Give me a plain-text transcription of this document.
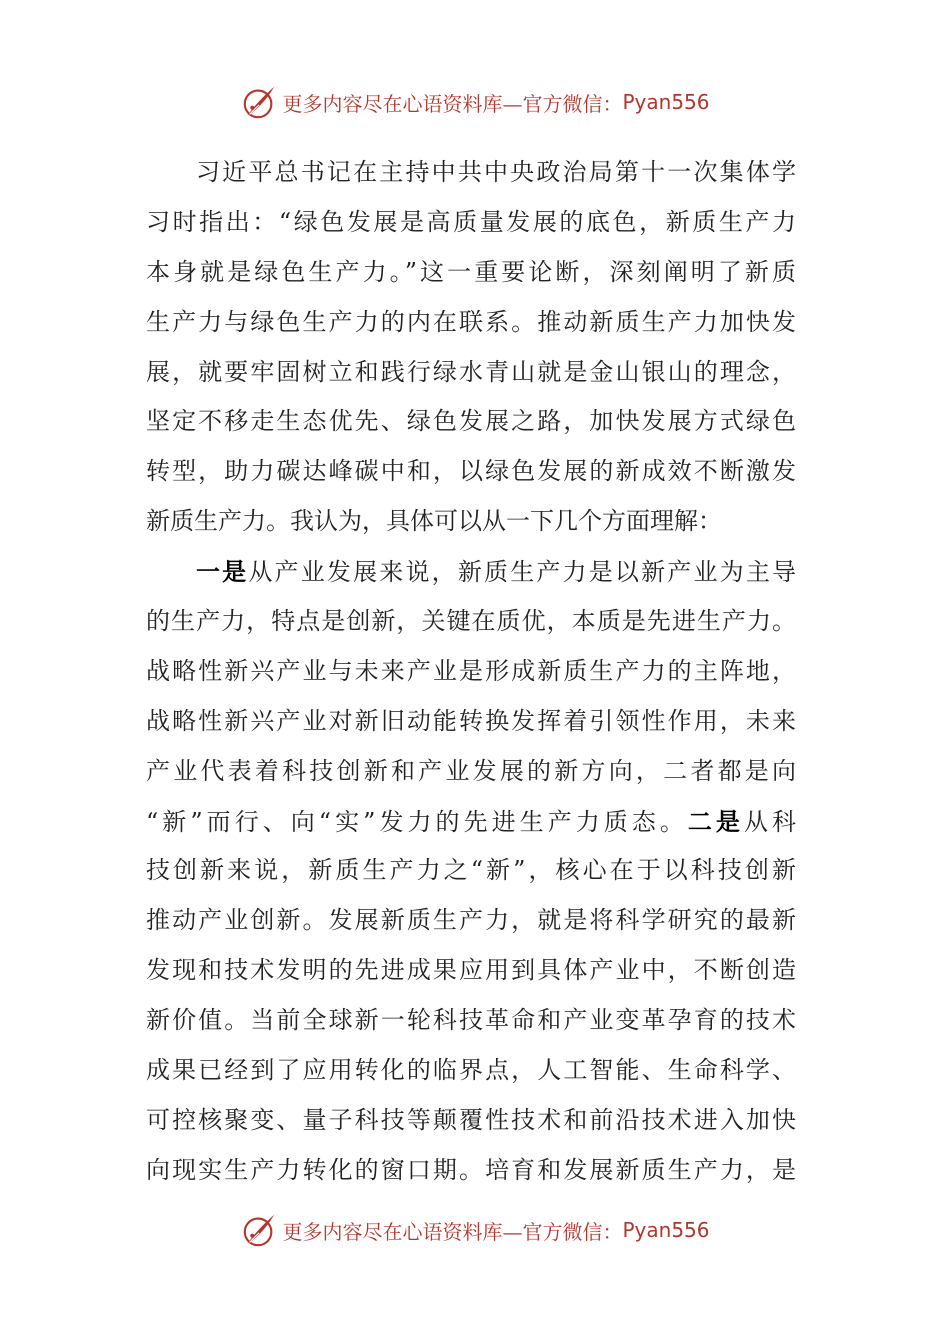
更多内容尽在心语资料库—官方微信： Pyan556
习近平总书记在主持中共中央政治局第十一次集体学
习时指出：“绿色发展是高质量发展的底色，新质生产力
本身就是绿色生产力。”这一重要论断，深刻阐明了新质
生产力与绿色生产力的内在联系。推动新质生产力加快发
展，就要牢固树立和践行绿水青山就是金山银山的理念，
坚定不移走生态优先、绿色发展之路，加快发展方式绿色
转型，助力碳达峰碳中和，以绿色发展的新成效不断激发
新质生产力。我认为，具体可以从一下几个方面理解：
一是从产业发展来说，新质生产力是以新产业为主导
的生产力，特点是创新，关键在质优，本质是先进生产力。
战略性新兴产业与未来产业是形成新质生产力的主阵地，
战略性新兴产业对新旧动能转换发挥着引领性作用，未来
产业代表着科技创新和产业发展的新方向，二者都是向
“新”而行、向“实”发力的先进生产力质态。二是从科
技创新来说，新质生产力之“新”，核心在于以科技创新
推动产业创新。发展新质生产力，就是将科学研究的最新
发现和技术发明的先进成果应用到具体产业中，不断创造
新价值。当前全球新一轮科技革命和产业变革孕育的技术
成果已经到了应用转化的临界点，人工智能、生命科学、
可控核聚变、量子科技等颠覆性技术和前沿技术进入加快
向现实生产力转化的窗口期。培育和发展新质生产力，是
更多内容尽在心语资料库—官方微信： Pyan556
